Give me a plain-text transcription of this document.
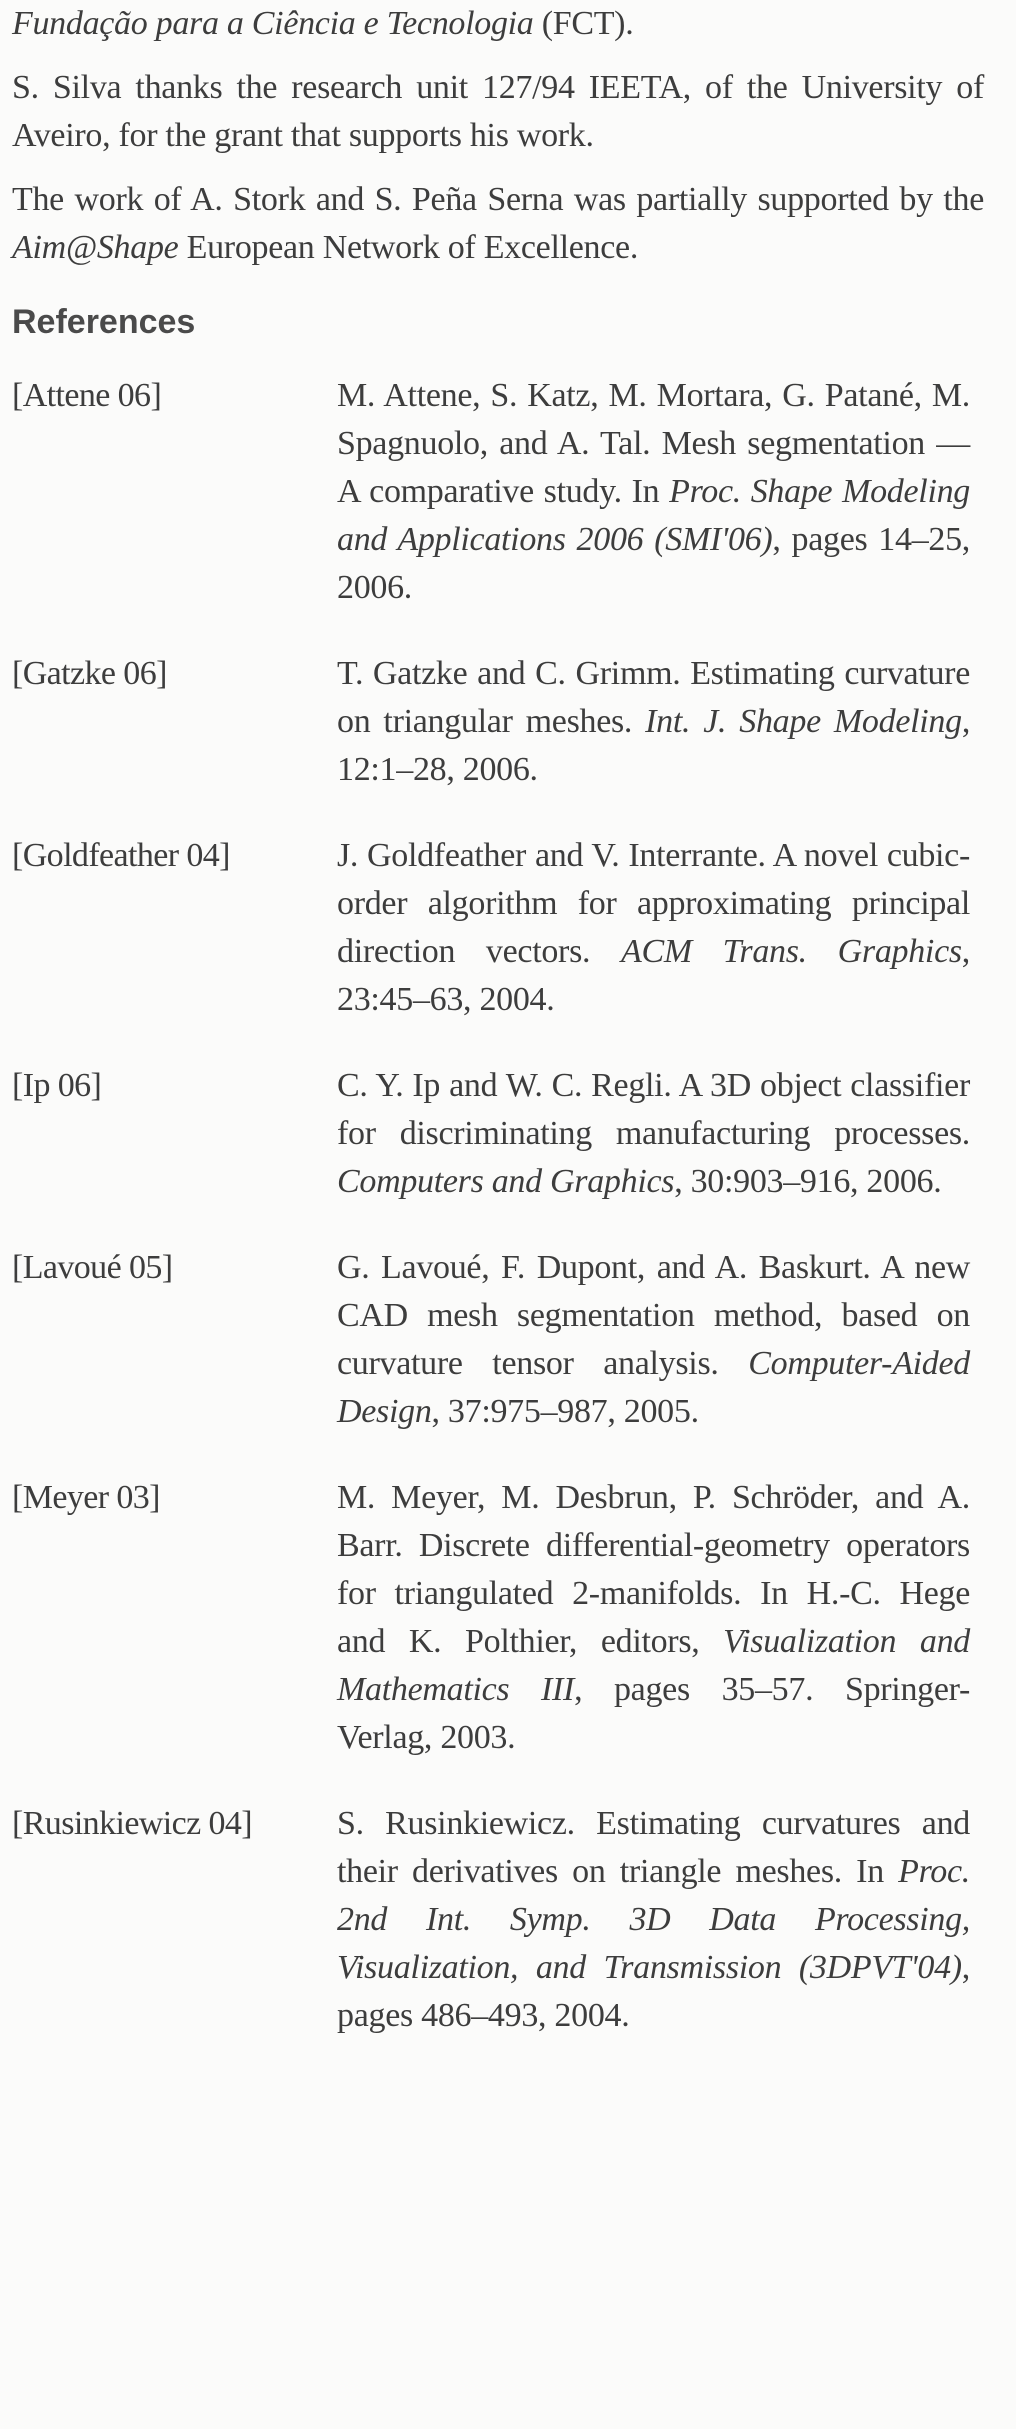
Fundação para a Ciência e Tecnologia (FCT).

S. Silva thanks the research unit 127/94 IEETA, of the University of Aveiro, for the grant that supports his work.

The work of A. Stork and S. Peña Serna was partially supported by the Aim@Shape European Network of Excellence.

References
[Attene 06]	M. Attene, S. Katz, M. Mortara, G. Patané, M. Spagnuolo, and A. Tal. Mesh segmentation — A comparative study. In Proc. Shape Modeling and Applications 2006 (SMI'06), pages 14–25, 2006.
[Gatzke 06]	T. Gatzke and C. Grimm. Estimating curvature on triangular meshes. Int. J. Shape Modeling, 12:1–28, 2006.
[Goldfeather 04]	J. Goldfeather and V. Interrante. A novel cubic-order algorithm for approximating principal direction vectors. ACM Trans. Graphics, 23:45–63, 2004.
[Ip 06]	C. Y. Ip and W. C. Regli. A 3D object classifier for discriminating manufacturing processes. Computers and Graphics, 30:903–916, 2006.
[Lavoué 05]	G. Lavoué, F. Dupont, and A. Baskurt. A new CAD mesh segmentation method, based on curvature tensor analysis. Computer-Aided Design, 37:975–987, 2005.
[Meyer 03]	M. Meyer, M. Desbrun, P. Schröder, and A. Barr. Discrete differential-geometry operators for triangulated 2-manifolds. In H.-C. Hege and K. Polthier, editors, Visualization and Mathematics III, pages 35–57. Springer-Verlag, 2003.
[Rusinkiewicz 04]	S. Rusinkiewicz. Estimating curvatures and their derivatives on triangle meshes. In Proc. 2nd Int. Symp. 3D Data Processing, Visualization, and Transmission (3DPVT'04), pages 486–493, 2004.
